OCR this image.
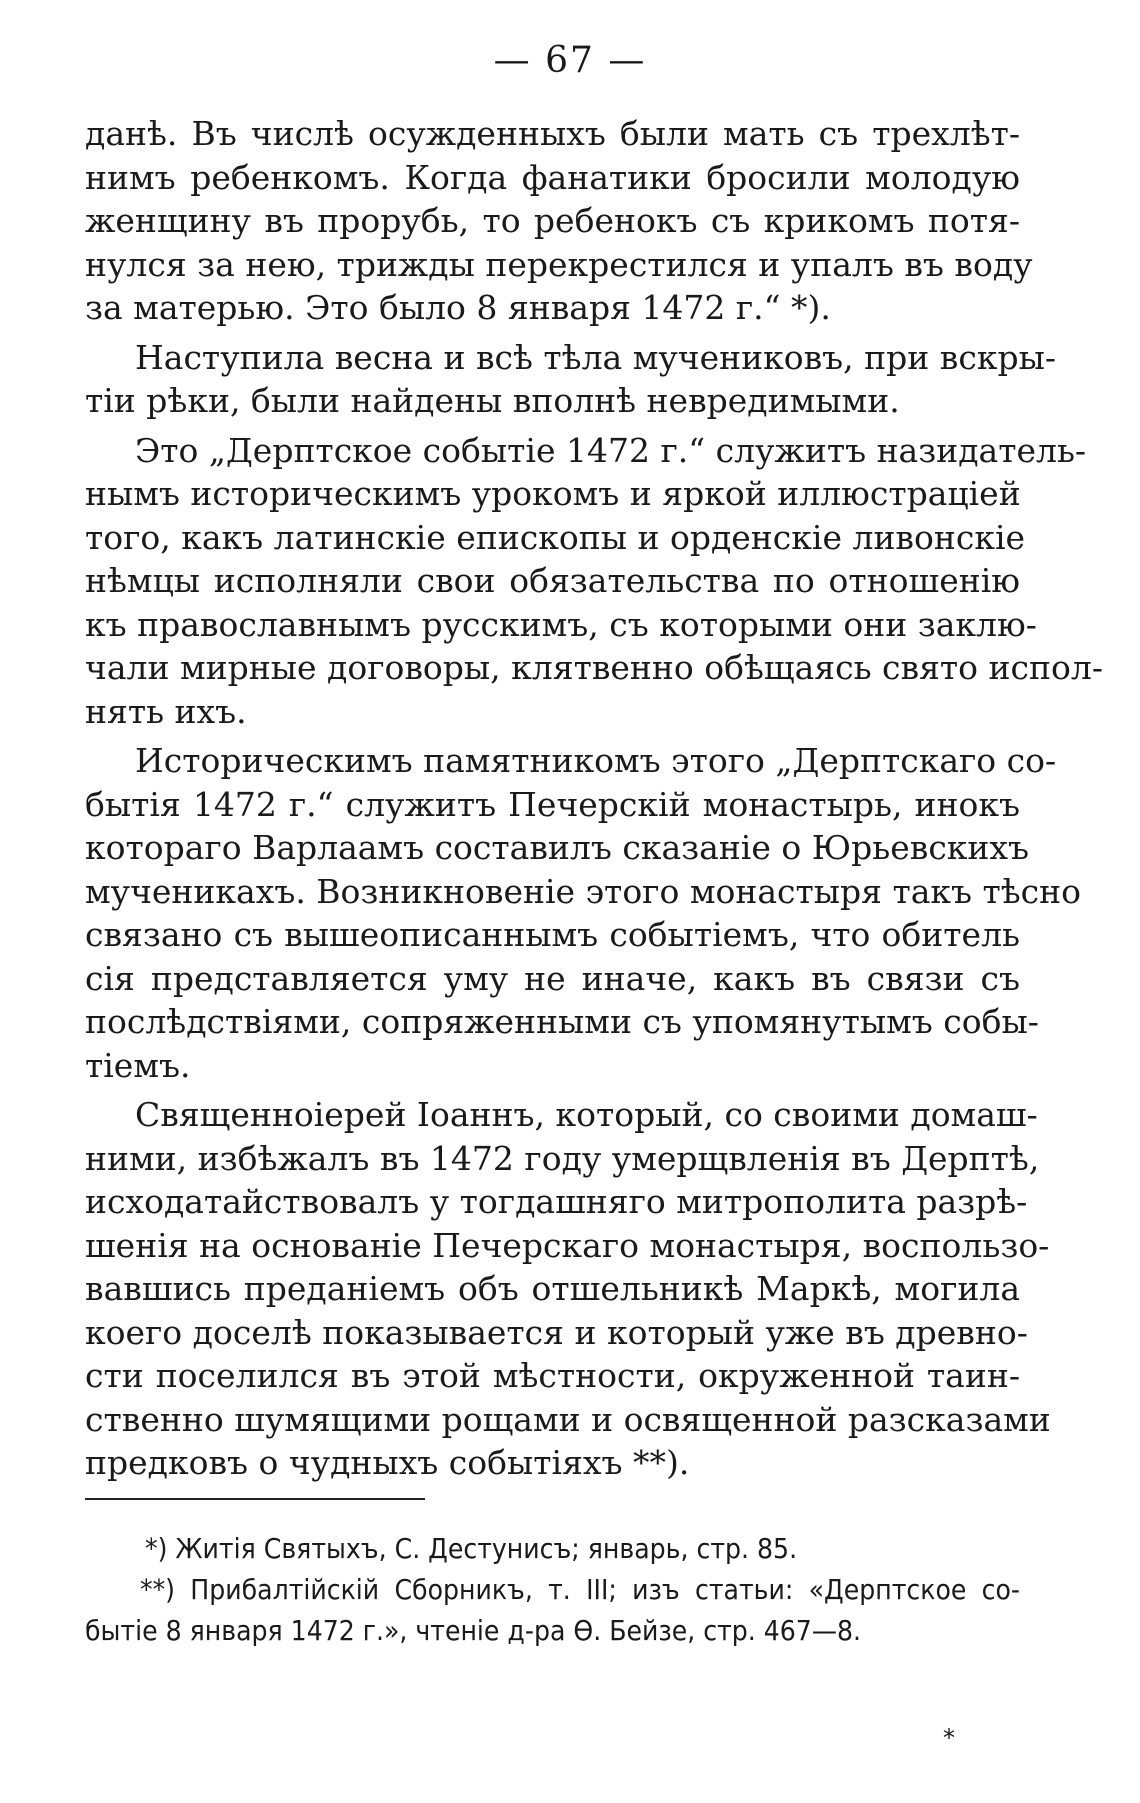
— 67 —
данѣ. Въ числѣ осужденныхъ были мать съ трехлѣт-
нимъ ребенкомъ. Когда фанатики бросили молодую
женщину въ прорубь, то ребенокъ съ крикомъ потя-
нулся за нею, трижды перекрестился и упалъ въ воду
за матерью. Это было 8 января 1472 г.“ *).
Наступила весна и всѣ тѣла мучениковъ, при вскры-
тіи рѣки, были найдены вполнѣ невредимыми.
Это „Дерптское событіе 1472 г.“ служитъ назидатель-
нымъ историческимъ урокомъ и яркой иллюстраціей
того, какъ латинскіе епископы и орденскіе ливонскіе
нѣмцы исполняли свои обязательства по отношенію
къ православнымъ русскимъ, съ которыми они заклю-
чали мирные договоры, клятвенно обѣщаясь свято испол-
нять ихъ.
Историческимъ памятникомъ этого „Дерптскаго со-
бытія 1472 г.“ служитъ Печерскій монастырь, инокъ
котораго Варлаамъ составилъ сказаніе о Юрьевскихъ
мученикахъ. Возникновеніе этого монастыря такъ тѣсно
связано съ вышеописаннымъ событіемъ, что обитель
сія представляется уму не иначе, какъ въ связи съ
послѣдствіями, сопряженными съ упомянутымъ собы-
тіемъ.
Священноіерей Іоаннъ, который, со своими домаш-
ними, избѣжалъ въ 1472 году умерщвленія въ Дерптѣ,
исходатайствовалъ у тогдашняго митрополита разрѣ-
шенія на основаніе Печерскаго монастыря, воспользо-
вавшись преданіемъ объ отшельникѣ Маркѣ, могила
коего доселѣ показывается и который уже въ древно-
сти поселился въ этой мѣстности, окруженной таин-
ственно шумящими рощами и освященной разсказами
предковъ о чудныхъ событіяхъ **).
*) Житія Святыхъ, С. Дестунисъ; январь, стр. 85.
**) Прибалтійскій Сборникъ, т. III; изъ статьи: «Дерптское со-
бытіе 8 января 1472 г.», чтеніе д-ра Ѳ. Бейзе, стр. 467—8.
*
